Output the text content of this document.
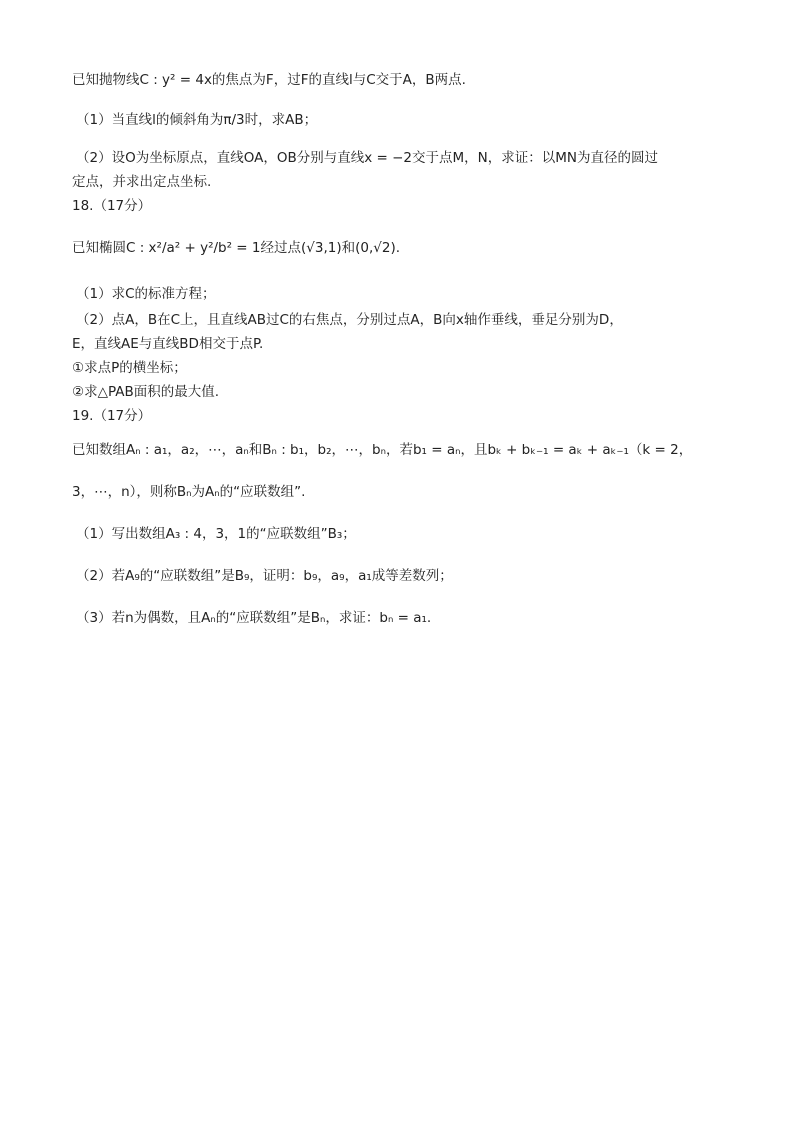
已知抛物线C : y² = 4x的焦点为F，过F的直线l与C交于A，B两点.
（1）当直线l的倾斜角为π/3时，求AB；
（2）设O为坐标原点，直线OA，OB分别与直线x = −2交于点M，N，求证：以MN为直径的圆过
定点，并求出定点坐标.
18.（17分）
已知椭圆C : x²/a² + y²/b² = 1经过点(√3,1)和(0,√2).
（1）求C的标准方程；
（2）点A，B在C上，且直线AB过C的右焦点，分别过点A，B向x轴作垂线，垂足分别为D，
E，直线AE与直线BD相交于点P.
①求点P的横坐标；
②求△PAB面积的最大值.
19.（17分）
已知数组Aₙ : a₁，a₂，⋯，aₙ和Bₙ : b₁，b₂，⋯，bₙ，若b₁ = aₙ，且bₖ + bₖ₋₁ = aₖ + aₖ₋₁（k = 2，
3，⋯，n），则称Bₙ为Aₙ的“应联数组”.
（1）写出数组A₃ : 4，3，1的“应联数组”B₃；
（2）若A₉的“应联数组”是B₉，证明：b₉，a₉，a₁成等差数列；
（3）若n为偶数，且Aₙ的“应联数组”是Bₙ，求证：bₙ = a₁.
